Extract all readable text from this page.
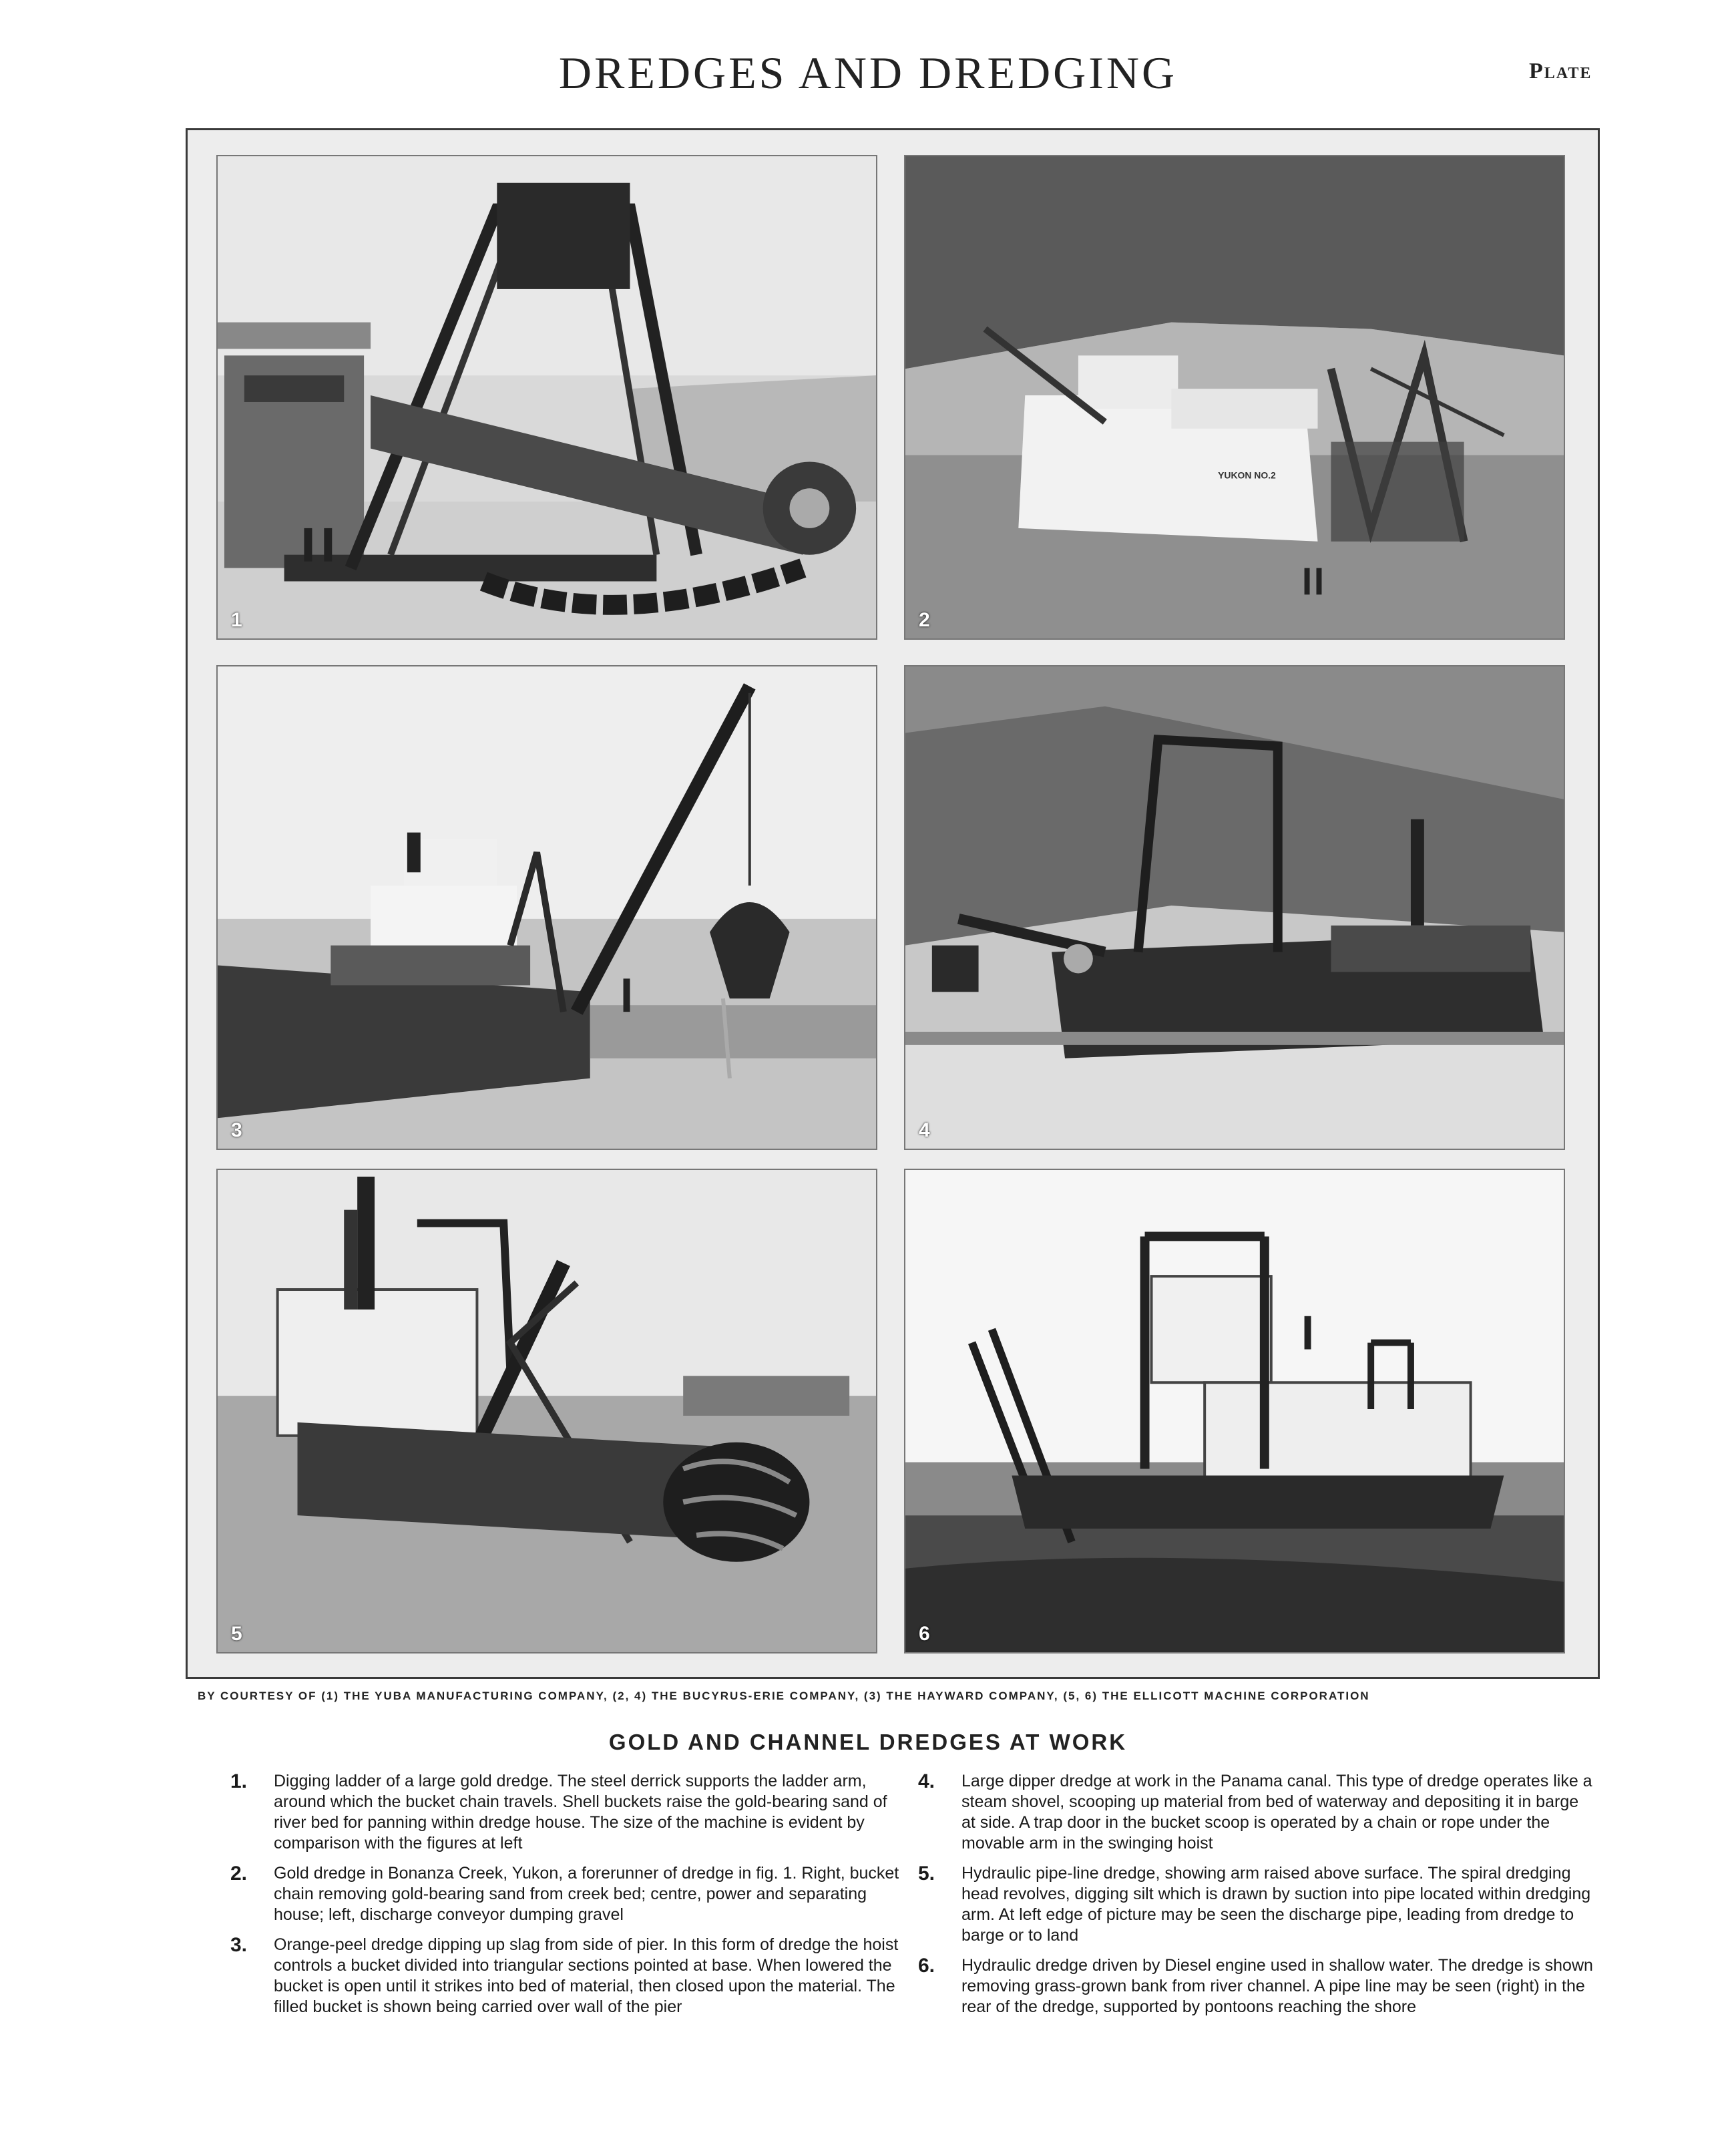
DREDGES AND DREDGING	Plate
1
YUKON NO.2
2
3	4
5	6
BY COURTESY OF (1) THE YUBA MANUFACTURING COMPANY, (2, 4) THE BUCYRUS-ERIE COMPANY, (3) THE HAYWARD COMPANY, (5, 6) THE ELLICOTT MACHINE CORPORATION
GOLD AND CHANNEL DREDGES AT WORK
1. Digging ladder of a large gold dredge. The steel derrick supports the ladder arm, around which the bucket chain travels. Shell buckets raise the gold-bearing sand of river bed for panning within dredge house. The size of the machine is evident by comparison with the figures at left
2. Gold dredge in Bonanza Creek, Yukon, a forerunner of dredge in fig. 1. Right, bucket chain removing gold-bearing sand from creek bed; centre, power and separating house; left, discharge conveyor dumping gravel
3. Orange-peel dredge dipping up slag from side of pier. In this form of dredge the hoist controls a bucket divided into triangular sections pointed at base. When lowered the bucket is open until it strikes into bed of material, then closed upon the material. The filled bucket is shown being carried over wall of the pier
4. Large dipper dredge at work in the Panama canal. This type of dredge operates like a steam shovel, scooping up material from bed of waterway and depositing it in barge at side. A trap door in the bucket scoop is operated by a chain or rope under the movable arm in the swinging hoist
5. Hydraulic pipe-line dredge, showing arm raised above surface. The spiral dredging head revolves, digging silt which is drawn by suction into pipe located within dredging arm. At left edge of picture may be seen the discharge pipe, leading from dredge to barge or to land
6. Hydraulic dredge driven by Diesel engine used in shallow water. The dredge is shown removing grass-grown bank from river channel. A pipe line may be seen (right) in the rear of the dredge, supported by pontoons reaching the shore
